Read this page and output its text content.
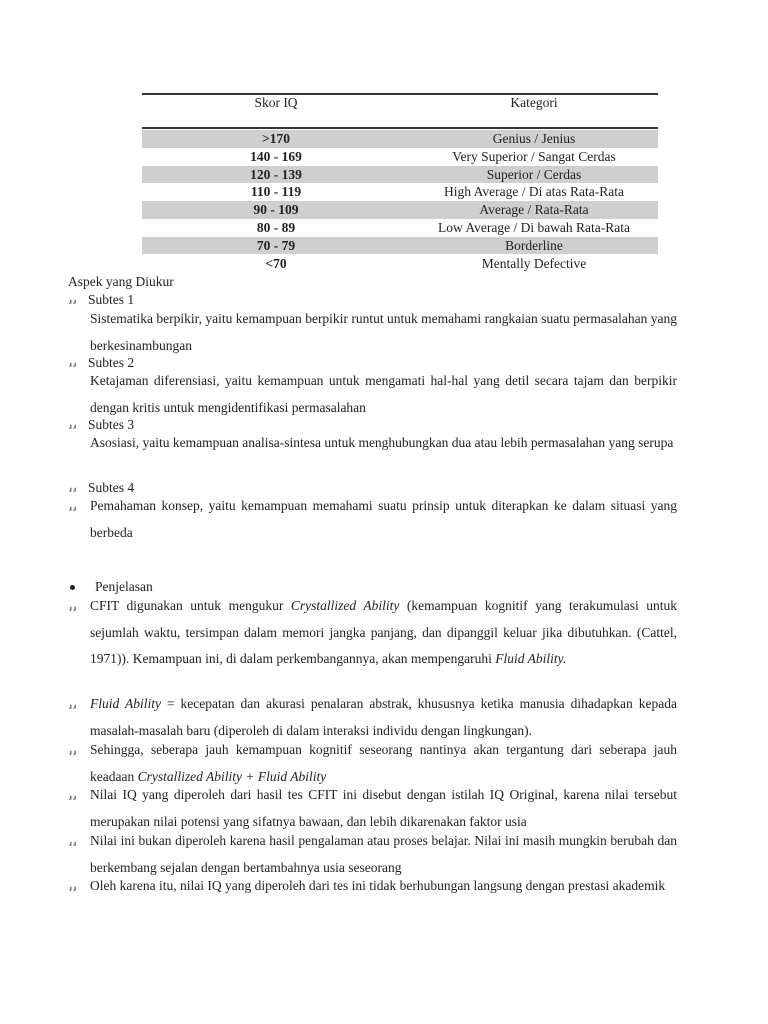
Skor IQ	Kategori
>170	Genius / Jenius
140 - 169	Very Superior / Sangat Cerdas
120 - 139	Superior / Cerdas
110 - 119	High Average / Di atas Rata-Rata
90 - 109	Average / Rata-Rata
80 - 89	Low Average / Di bawah Rata-Rata
70 - 79	Borderline
<70	Mentally Defective
Aspek yang Diukur
⸥⸥ Subtes 1
Sistematika berpikir, yaitu kemampuan berpikir runtut untuk memahami rangkaian suatu permasalahan yang berkesinambungan
⸥⸥ Subtes 2
Ketajaman diferensiasi, yaitu kemampuan untuk mengamati hal-hal yang detil secara tajam dan berpikir dengan kritis untuk mengidentifikasi permasalahan
⸥⸥ Subtes 3
Asosiasi, yaitu kemampuan analisa-sintesa untuk menghubungkan dua atau lebih permasalahan yang serupa
⸥⸥ Subtes 4
⸥⸥ Pemahaman konsep, yaitu kemampuan memahami suatu prinsip untuk diterapkan ke dalam situasi yang berbeda
Penjelasan
⸥⸥ CFIT digunakan untuk mengukur Crystallized Ability (kemampuan kognitif yang terakumulasi untuk sejumlah waktu, tersimpan dalam memori jangka panjang, dan dipanggil keluar jika dibutuhkan. (Cattel, 1971)). Kemampuan ini, di dalam perkembangannya, akan mempengaruhi Fluid Ability.
⸥⸥ Fluid Ability = kecepatan dan akurasi penalaran abstrak, khususnya ketika manusia dihadapkan kepada masalah-masalah baru (diperoleh di dalam interaksi individu dengan lingkungan).
⸥⸥ Sehingga, seberapa jauh kemampuan kognitif seseorang nantinya akan tergantung dari seberapa jauh keadaan Crystallized Ability + Fluid Ability
⸥⸥ Nilai IQ yang diperoleh dari hasil tes CFIT ini disebut dengan istilah IQ Original, karena nilai tersebut merupakan nilai potensi yang sifatnya bawaan, dan lebih dikarenakan faktor usia
⸥⸥ Nilai ini bukan diperoleh karena hasil pengalaman atau proses belajar. Nilai ini masih mungkin berubah dan berkembang sejalan dengan bertambahnya usia seseorang
⸥⸥ Oleh karena itu, nilai IQ yang diperoleh dari tes ini tidak berhubungan langsung dengan prestasi akademik
